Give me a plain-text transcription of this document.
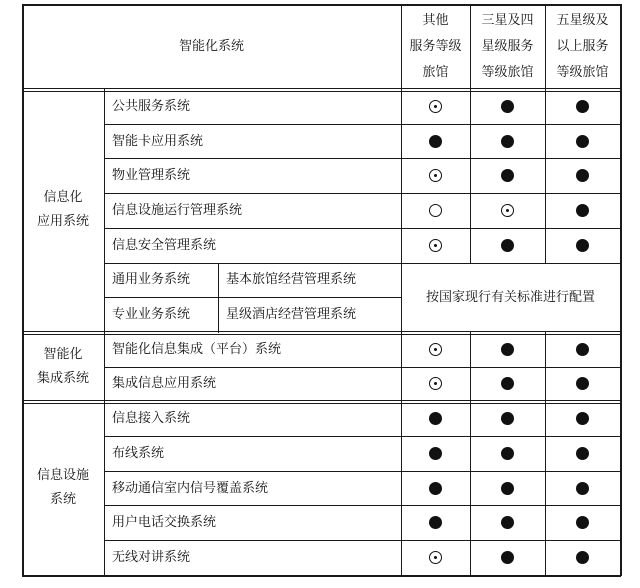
智能化系统
其他
服务等级
旅馆
三星及四
星级服务
等级旅馆
五星级及
以上服务
等级旅馆
信息化
应用系统
智能化
集成系统
信息设施
系统
公共服务系统
智能卡应用系统
物业管理系统
信息设施运行管理系统
信息安全管理系统
通用业务系统	基本旅馆经营管理系统
专业业务系统	星级酒店经营管理系统
智能化信息集成（平台）系统
集成信息应用系统
信息接入系统
布线系统
移动通信室内信号覆盖系统
用户电话交换系统
无线对讲系统
按国家现行有关标准进行配置
